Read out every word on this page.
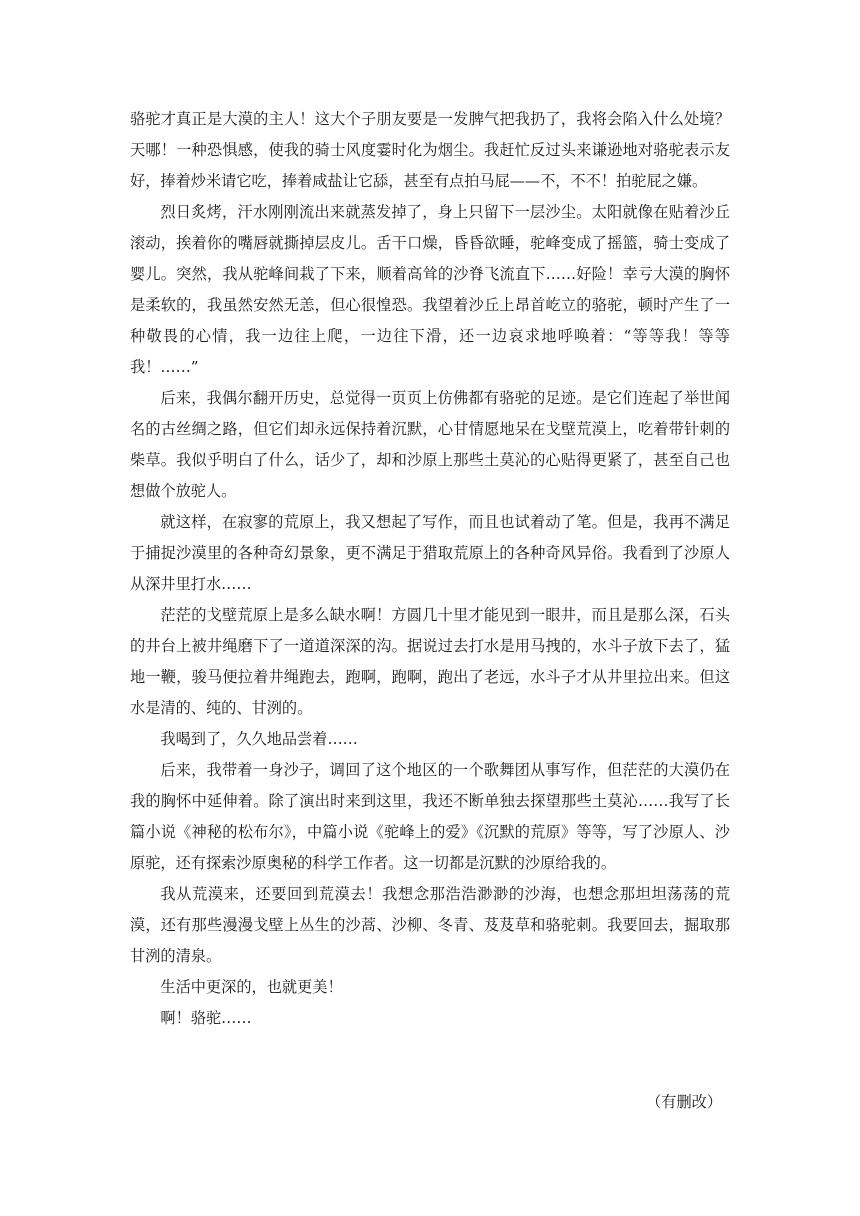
骆驼才真正是大漠的主人！这大个子朋友要是一发脾气把我扔了，我将会陷入什么处境？天哪！一种恐惧感，使我的骑士风度霎时化为烟尘。我赶忙反过头来谦逊地对骆驼表示友好，捧着炒米请它吃，捧着咸盐让它舔，甚至有点拍马屁——不，不不！拍驼屁之嫌。

烈日炙烤，汗水刚刚流出来就蒸发掉了，身上只留下一层沙尘。太阳就像在贴着沙丘滚动，挨着你的嘴唇就撕掉层皮儿。舌干口燥，昏昏欲睡，驼峰变成了摇篮，骑士变成了婴儿。突然，我从驼峰间栽了下来，顺着高耸的沙脊飞流直下……好险！幸亏大漠的胸怀是柔软的，我虽然安然无恙，但心很惶恐。我望着沙丘上昂首屹立的骆驼，顿时产生了一种敬畏的心情，我一边往上爬，一边往下滑，还一边哀求地呼唤着：“等等我！等等我！……”

后来，我偶尔翻开历史，总觉得一页页上仿佛都有骆驼的足迹。是它们连起了举世闻名的古丝绸之路，但它们却永远保持着沉默，心甘情愿地呆在戈壁荒漠上，吃着带针刺的柴草。我似乎明白了什么，话少了，却和沙原上那些土莫沁的心贴得更紧了，甚至自己也想做个放驼人。

就这样，在寂寥的荒原上，我又想起了写作，而且也试着动了笔。但是，我再不满足于捕捉沙漠里的各种奇幻景象，更不满足于猎取荒原上的各种奇风异俗。我看到了沙原人从深井里打水……

茫茫的戈壁荒原上是多么缺水啊！方圆几十里才能见到一眼井，而且是那么深，石头的井台上被井绳磨下了一道道深深的沟。据说过去打水是用马拽的，水斗子放下去了，猛地一鞭，骏马便拉着井绳跑去，跑啊，跑啊，跑出了老远，水斗子才从井里拉出来。但这水是清的、纯的、甘洌的。

我喝到了，久久地品尝着……

后来，我带着一身沙子，调回了这个地区的一个歌舞团从事写作，但茫茫的大漠仍在我的胸怀中延伸着。除了演出时来到这里，我还不断单独去探望那些土莫沁……我写了长篇小说《神秘的松布尔》，中篇小说《驼峰上的爱》《沉默的荒原》等等，写了沙原人、沙原驼，还有探索沙原奥秘的科学工作者。这一切都是沉默的沙原给我的。

我从荒漠来，还要回到荒漠去！我想念那浩浩渺渺的沙海，也想念那坦坦荡荡的荒漠，还有那些漫漫戈壁上丛生的沙蒿、沙柳、冬青、芨芨草和骆驼刺。我要回去，掘取那甘洌的清泉。

生活中更深的，也就更美！

啊！骆驼……

（有删改）
